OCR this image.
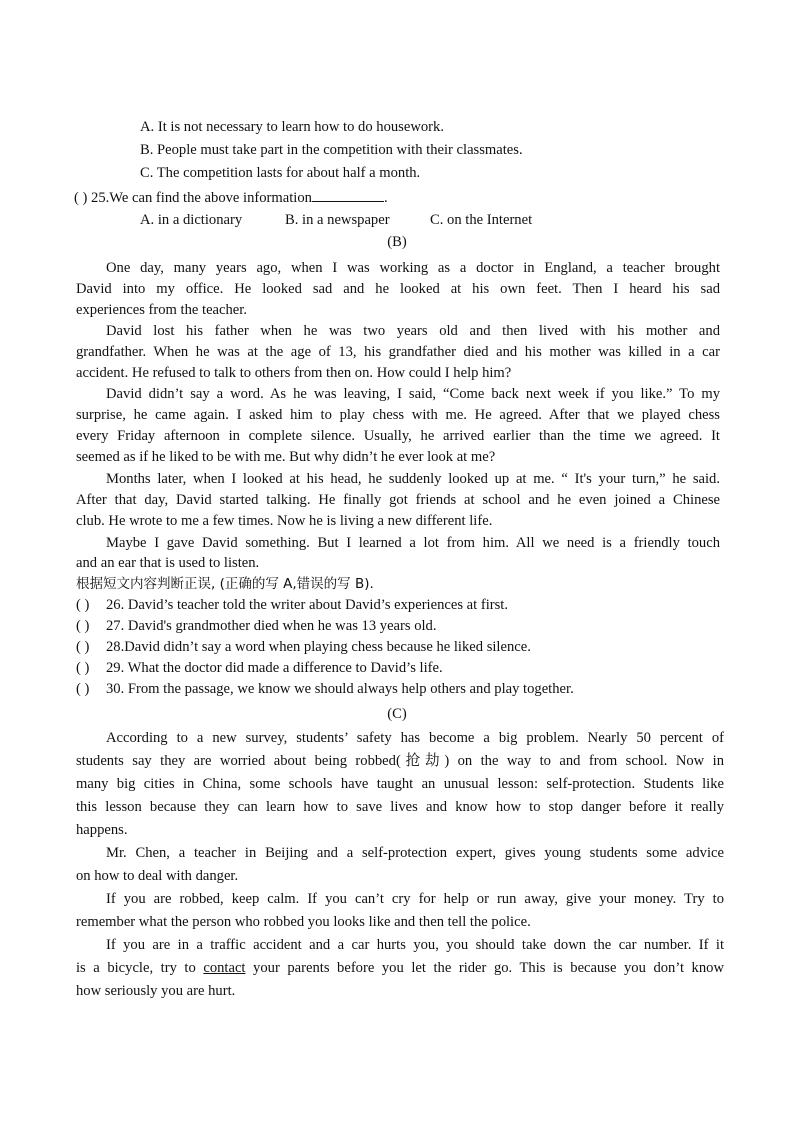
A. It is not necessary to learn how to do housework.
B. People must take part in the competition with their classmates.
C. The competition lasts for about half a month.
( ) 25.We can find the above information	.
A. in a dictionary	B. in a newspaper	C. on the Internet
(B)
One day, many years ago, when I was working as a doctor in England, a teacher brought
David into my office. He looked sad and he looked at his own feet. Then I heard his sad
experiences from the teacher.
David lost his father when he was two years old and then lived with his mother and
grandfather. When he was at the age of 13, his grandfather died and his mother was killed in a car
accident. He refused to talk to others from then on. How could I help him?
David didn’t say a word. As he was leaving, I said, “Come back next week if you like.” To my
surprise, he came again. I asked him to play chess with me. He agreed. After that we played chess
every Friday afternoon in complete silence. Usually, he arrived earlier than the time we agreed. It
seemed as if he liked to be with me. But why didn’t he ever look at me?
Months later, when I looked at his head, he suddenly looked up at me. “ It's your turn,” he said.
After that day, David started talking. He finally got friends at school and he even joined a Chinese
club. He wrote to me a few times. Now he is living a new different life.
Maybe I gave David something. But I learned a lot from him. All we need is a friendly touch
and an ear that is used to listen.
根据短文内容判断正误, (正确的写 A,错误的写 B).
( ) 26. David’s teacher told the writer about David’s experiences at first.
( ) 27. David's grandmother died when he was 13 years old.
( ) 28.David didn’t say a word when playing chess because he liked silence.
( ) 29. What the doctor did made a difference to David’s life.
( ) 30. From the passage, we know we should always help others and play together.
(C)
According to a new survey, students’ safety has become a big problem. Nearly 50 percent of
students say they are worried about being robbed(抢劫) on the way to and from school. Now in
many big cities in China, some schools have taught an unusual lesson: self-protection. Students like
this lesson because they can learn how to save lives and know how to stop danger before it really
happens.
Mr. Chen, a teacher in Beijing and a self-protection expert, gives young students some advice
on how to deal with danger.
If you are robbed, keep calm. If you can’t cry for help or run away, give your money. Try to
remember what the person who robbed you looks like and then tell the police.
If you are in a traffic accident and a car hurts you, you should take down the car number. If it
is a bicycle, try to contact your parents before you let the rider go. This is because you don’t know
how seriously you are hurt.
